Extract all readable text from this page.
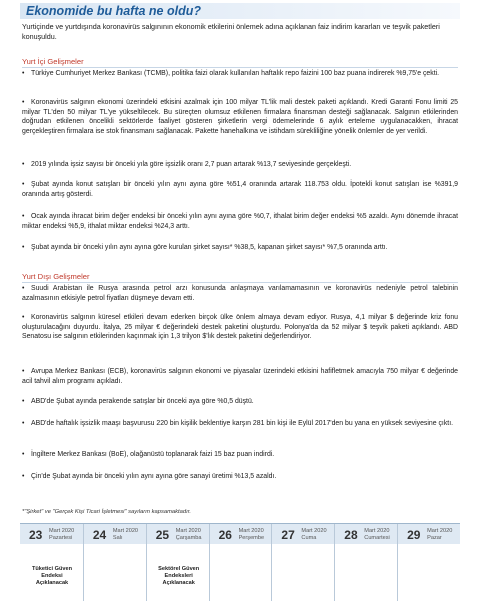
Ekonomide bu hafta ne oldu?

Yurtiçinde ve yurtdışında koronavirüs salgınının ekonomik etkilerini önlemek adına açıklanan faiz indirim kararları ve teşvik paketleri konuşuldu.

Yurt İçi Gelişmeler

• Türkiye Cumhuriyet Merkez Bankası (TCMB), politika faizi olarak kullanılan haftalık repo faizini 100 baz puana indirerek %9,75'e çekti.

• Koronavirüs salgının ekonomi üzerindeki etkisini azalmak için 100 milyar TL'lik mali destek paketi açıklandı. Kredi Garanti Fonu limiti 25 milyar TL'den 50 milyar TL'ye yükseltilecek. Bu süreçten olumsuz etkilenen firmalara finansman desteği sağlanacak. Salgının etkilerinden doğrudan etkilenen öncelikli sektörlerde faaliyet gösteren şirketlerin vergi ödemelerinde 6 aylık erteleme uygulanacakken, ihracat gerçekleştiren firmalara ise stok finansmanı sağlanacak. Pakette hanehalkına ve istihdam sürekliliğine yönelik önlemler de yer verildi.

• 2019 yılında işsiz sayısı bir önceki yıla göre işsizlik oranı 2,7 puan artarak %13,7 seviyesinde gerçekleşti.

• Şubat ayında konut satışları bir önceki yılın aynı ayına göre %51,4 oranında artarak 118.753 oldu. İpotekli konut satışları ise %391,9 oranında artış gösterdi.

• Ocak ayında ihracat birim değer endeksi bir önceki yılın aynı ayına göre %0,7, ithalat birim değer endeksi %5 azaldı. Aynı dönemde ihracat miktar endeksi %5,9, ithalat miktar endeksi %24,3 arttı.

• Şubat ayında bir önceki yılın aynı ayına göre kurulan şirket sayısı* %38,5, kapanan şirket sayısı* %7,5 oranında arttı.

Yurt Dışı Gelişmeler

• Suudi Arabistan ile Rusya arasında petrol arzı konusunda anlaşmaya varılamamasının ve koronavirüs nedeniyle petrol talebinin azalmasının etkisiyle petrol fiyatları düşmeye devam etti.

• Koronavirüs salgının küresel etkileri devam ederken birçok ülke önlem almaya devam ediyor. Rusya, 4,1 milyar $ değerinde kriz fonu oluşturulacağını duyurdu. İtalya, 25 milyar € değerindeki destek paketini oluşturdu. Polonya'da da 52 milyar $ teşvik paketi açıklandı. ABD Senatosu ise salgının etkilerinden kaçınmak için 1,3 trilyon $'lık destek paketini değerlendiriyor.

• Avrupa Merkez Bankası (ECB), koronavirüs salgının ekonomi ve piyasalar üzerindeki etkisini hafifletmek amacıyla 750 milyar € değerinde acil tahvil alım programı açıkladı.

• ABD'de Şubat ayında perakende satışlar bir önceki aya göre %0,5 düştü.

• ABD'de haftalık işsizlik maaşı başvurusu 220 bin kişilik beklentiye karşın 281 bin kişi ile Eylül 2017'den bu yana en yüksek seviyesine çıktı.

• İngiltere Merkez Bankası (BoE), olağanüstü toplanarak faizi 15 baz puan indirdi.

• Çin'de Şubat ayında bir önceki yılın aynı ayına göre sanayi üretimi %13,5 azaldı.

*"Şirket" ve "Gerçek Kişi Ticari İşletmesi" sayıların kapsamaktadır.
23 Mart 2020
Pazartesi
Tüketici Güven Endeksi Açıklanacak
24 Mart 2020
Salı	25 Mart 2020
Çarşamba
Sektörel Güven Endeksleri Açıklanacak
26 Mart 2020
Perşembe 27 Mart 2020
Cuma 28 Mart 2020
Cumartesi 29 Mart 2020
Pazar
